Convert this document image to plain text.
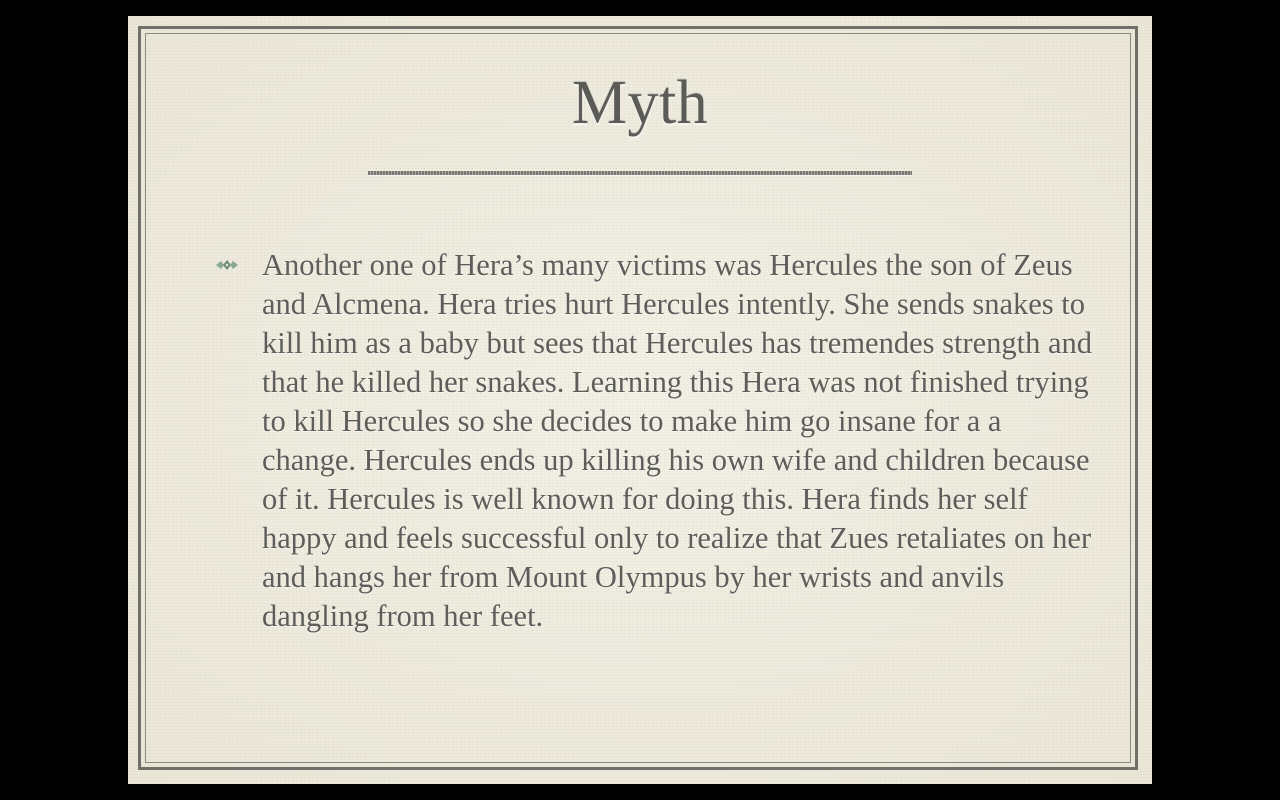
Myth
Another one of Hera’s many victims was Hercules the son of Zeus and Alcmena. Hera tries hurt Hercules intently. She sends snakes to kill him as a baby but sees that Hercules has tremendes strength and that he killed her snakes. Learning this Hera was not finished trying to kill Hercules so she decides to make him go insane for a a change. Hercules ends up killing his own wife and children because of it. Hercules is well known for doing this. Hera finds her self happy and feels successful only to realize that Zues retaliates on her and hangs her from Mount Olympus by her wrists and anvils dangling from her feet.
